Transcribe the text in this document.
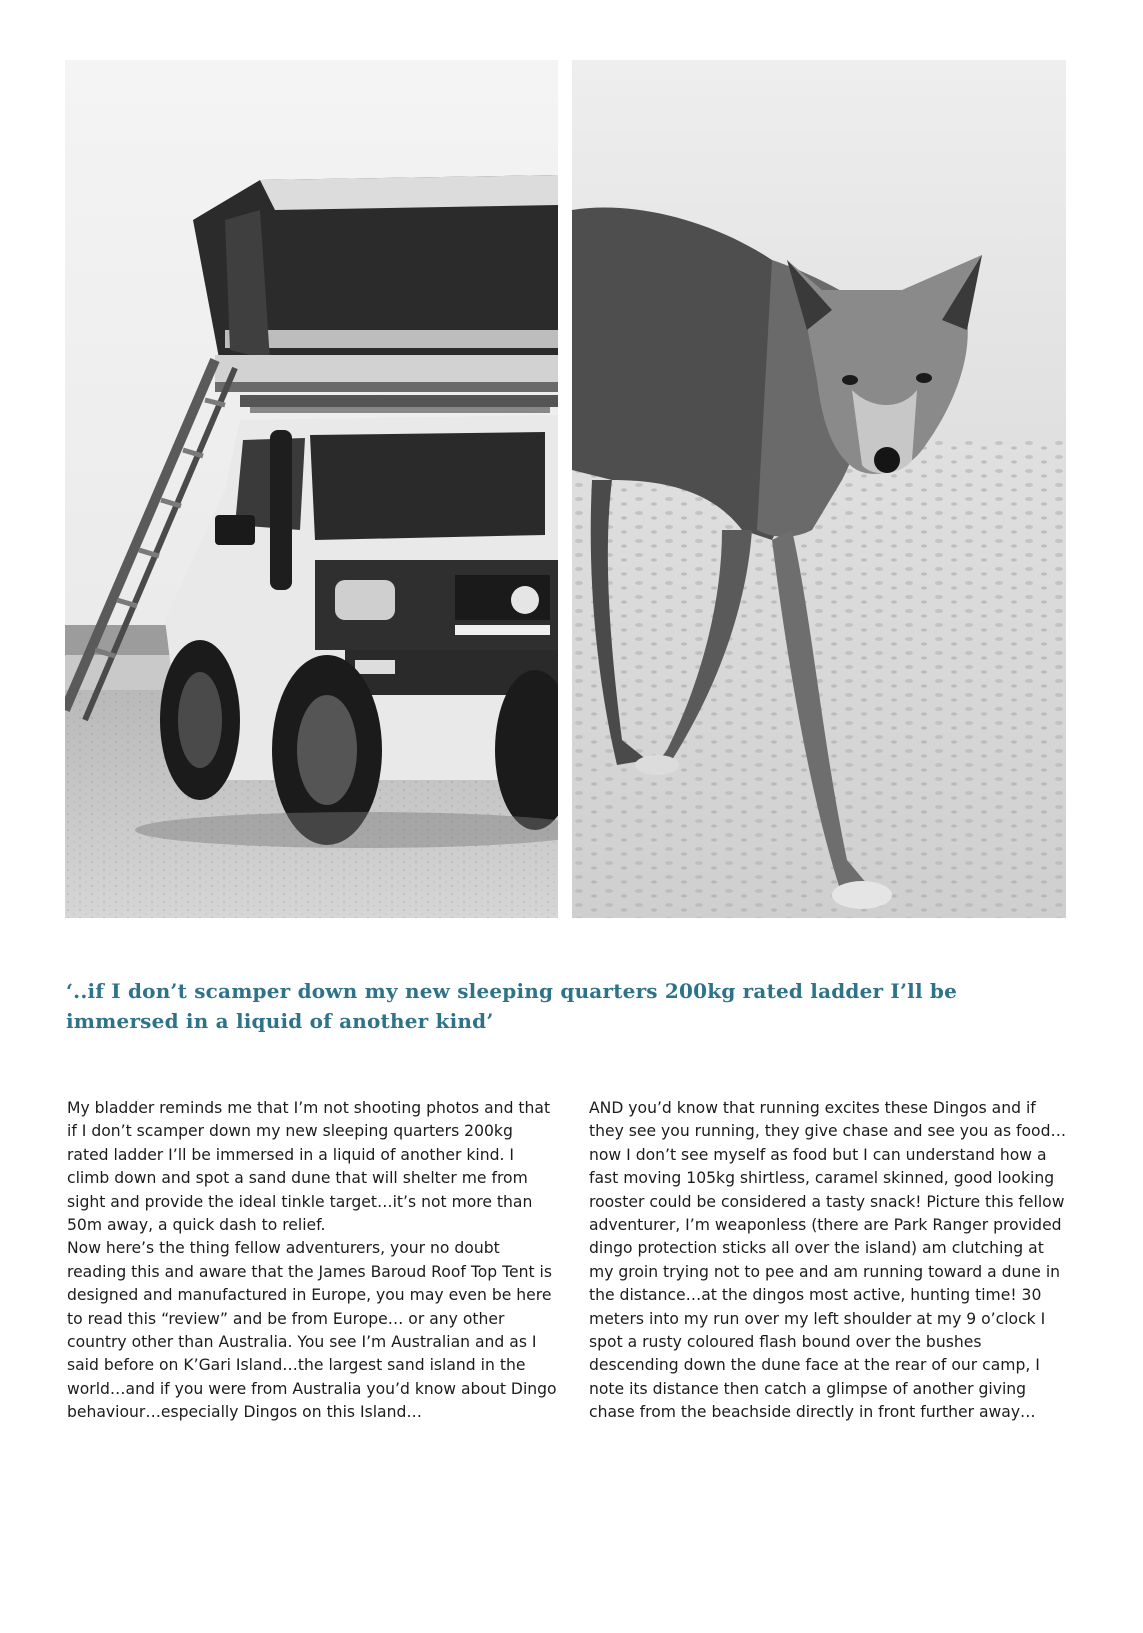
‘..if I don’t scamper down my new sleeping quarters 200kg rated ladder I’ll be immersed in a liquid of another kind’

My bladder reminds me that I’m not shooting photos and that if I don’t scamper down my new sleeping quarters 200kg rated ladder I’ll be immersed in a liquid of another kind. I climb down and spot a sand dune that will shelter me from sight and provide the ideal tinkle target…it’s not more than 50m away, a quick dash to relief.

Now here’s the thing fellow adventurers, your no doubt reading this and aware that the James Baroud Roof Top Tent is designed and manufactured in Europe, you may even be here to read this “review” and be from Europe… or any other country other than Australia. You see I’m Australian and as I said before on K’Gari Island…the largest sand island in the world…and if you were from Australia you’d know about Dingo behaviour…especially Dingos on this Island…

AND you’d know that running excites these Dingos and if they see you running, they give chase and see you as food…now I don’t see myself as food but I can understand how a fast moving 105kg shirtless, caramel skinned, good looking rooster could be considered a tasty snack! Picture this fellow adventurer, I’m weaponless (there are Park Ranger provided dingo protection sticks all over the island) am clutching at my groin trying not to pee and am running toward a dune in the distance…at the dingos most active, hunting time! 30 meters into my run over my left shoulder at my 9 o’clock I spot a rusty coloured flash bound over the bushes descending down the dune face at the rear of our camp, I note its distance then catch a glimpse of another giving chase from the beachside directly in front further away…
